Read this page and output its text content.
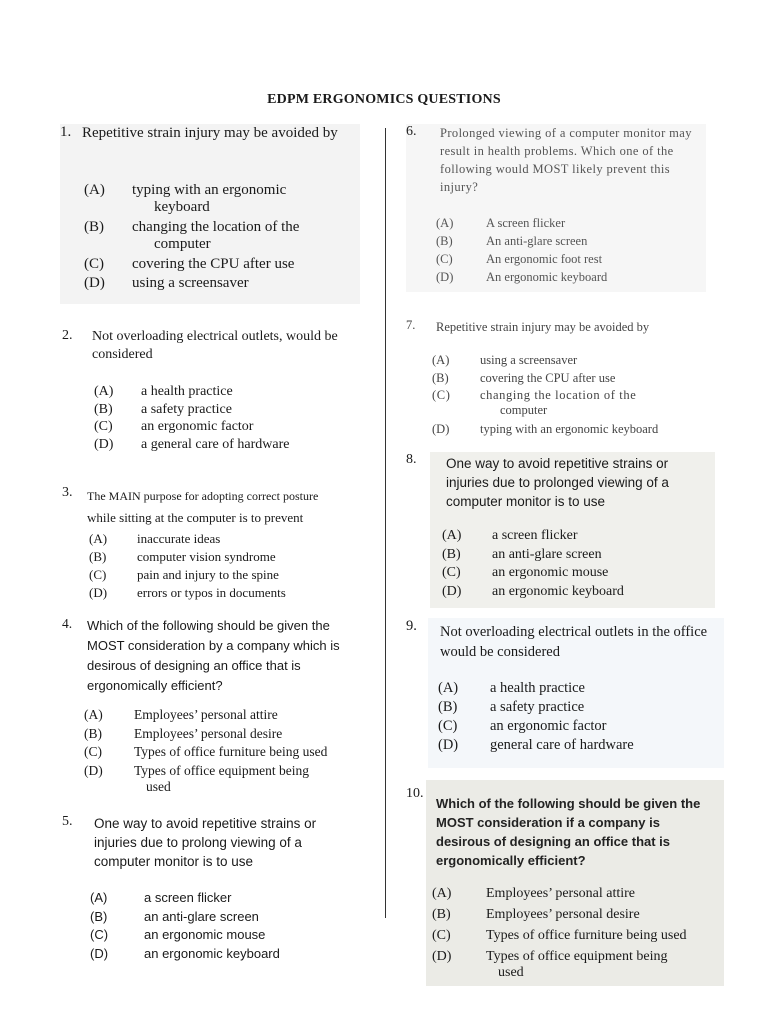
EDPM ERGONOMICS QUESTIONS
1. Repetitive strain injury may be avoided by
(A) typing with an ergonomic
keyboard
(B) changing the location of the
computer
(C) covering the CPU after use
(D) using a screensaver
2. Not overloading electrical outlets, would be considered
(A) a health practice
(B) a safety practice
(C) an ergonomic factor
(D) a general care of hardware
3. The MAIN purpose for adopting correct posture
while sitting at the computer is to prevent
(A) inaccurate ideas
(B) computer vision syndrome
(C) pain and injury to the spine
(D) errors or typos in documents
4. Which of the following should be given the MOST consideration by a company which is desirous of designing an office that is ergonomically efficient?
(A) Employees’ personal attire
(B) Employees’ personal desire
(C) Types of office furniture being used
(D) Types of office equipment being
used
5. One way to avoid repetitive strains or injuries due to prolong viewing of a computer monitor is to use
(A)	a screen flicker
(B)	an anti-glare screen
(C)	an ergonomic mouse
(D)	an ergonomic keyboard
6. Prolonged viewing of a computer monitor may result in health problems. Which one of the following would MOST likely prevent this injury?
(A)	A screen flicker
(B)	An anti-glare screen
(C)	An ergonomic foot rest
(D)	An ergonomic keyboard
7. Repetitive strain injury may be avoided by
(A) using a screensaver
(B)	covering the CPU after use
(C) changing the location of the
computer
(D) typing with an ergonomic keyboard
8. One way to avoid repetitive strains or injuries due to prolonged viewing of a computer monitor is to use
(A) a screen flicker
(B) an anti-glare screen
(C) an ergonomic mouse
(D) an ergonomic keyboard
9. Not overloading electrical outlets in the office would be considered
(A) a health practice
(B) a safety practice
(C) an ergonomic factor
(D) general care of hardware
10.
Which of the following should be given the MOST consideration if a company is desirous of designing an office that is ergonomically efficient?
(A) Employees’ personal attire
(B)	Employees’ personal desire
(C)	Types of office furniture being used
(D) Types of office equipment being
used
